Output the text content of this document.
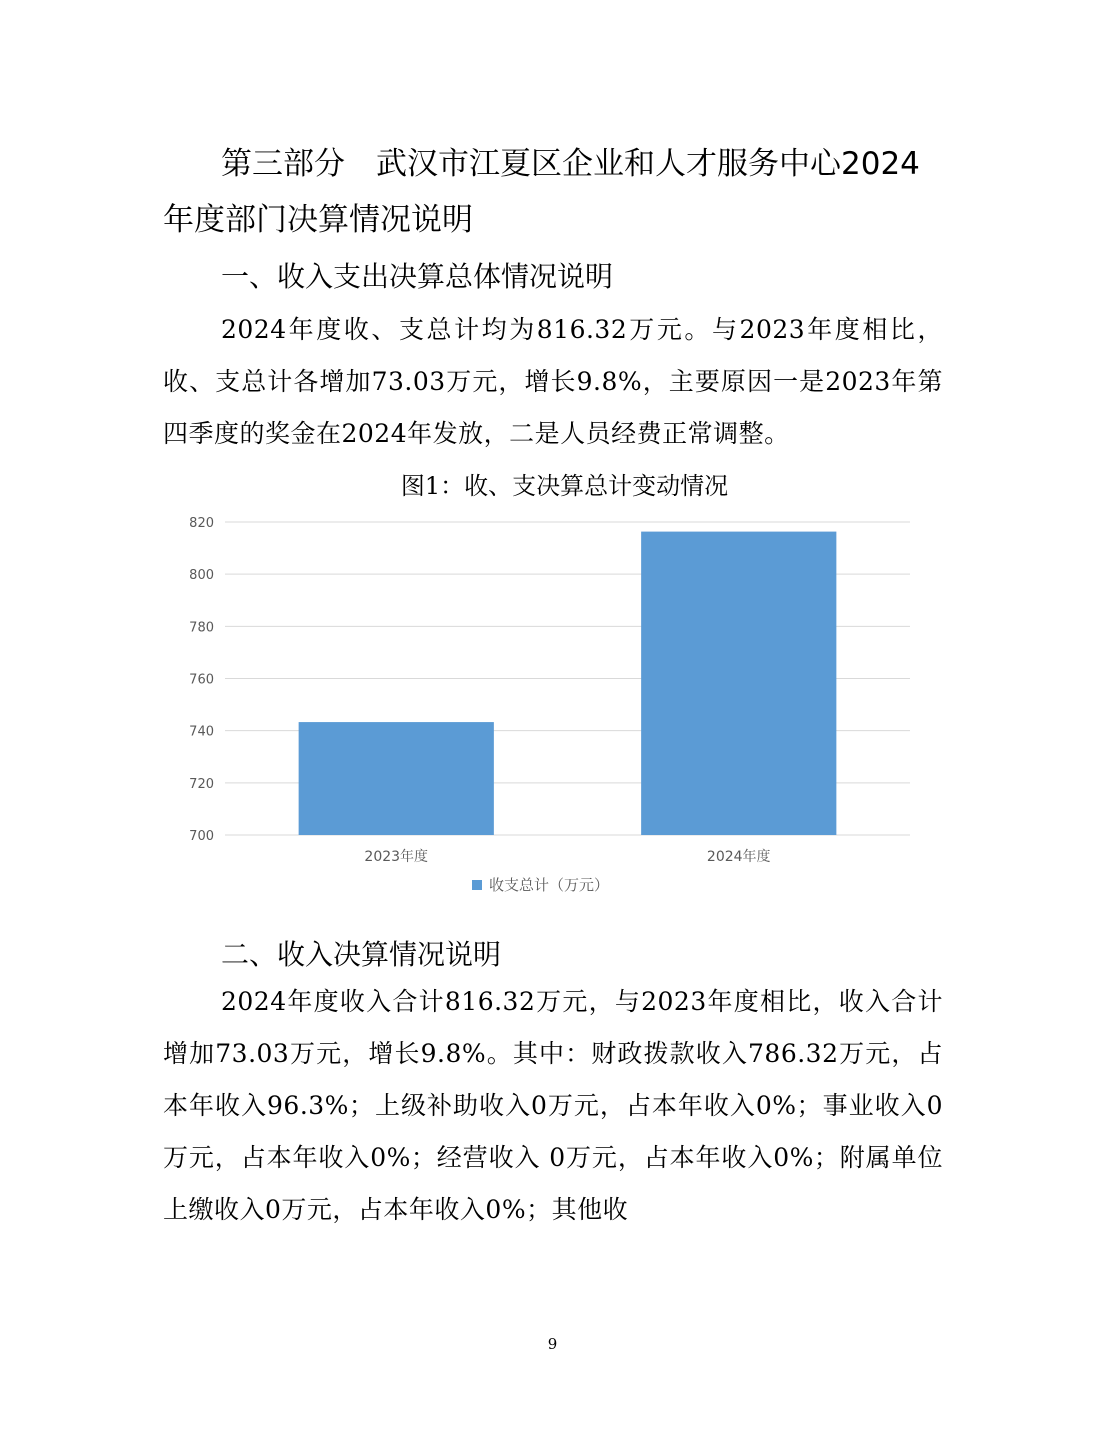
第三部分　武汉市江夏区企业和人才服务中心2024年度部门决算情况说明
一、收入支出决算总体情况说明

2024年度收、支总计均为816.32万元。与2023年度相比，收、支总计各增加73.03万元，增长9.8%，主要原因一是2023年第四季度的奖金在2024年发放，二是人员经费正常调整。

图1：收、支决算总计变动情况
700
720
740
760
780
800
820
2023年度	2024年度
收支总计（万元）
二、收入决算情况说明

2024年度收入合计816.32万元，与2023年度相比，收入合计增加73.03万元，增长9.8%。其中：财政拨款收入786.32万元，占本年收入96.3%；上级补助收入0万元，占本年收入0%；事业收入0万元，占本年收入0%；经营收入 0万元，占本年收入0%；附属单位上缴收入0万元，占本年收入0%；其他收

9
